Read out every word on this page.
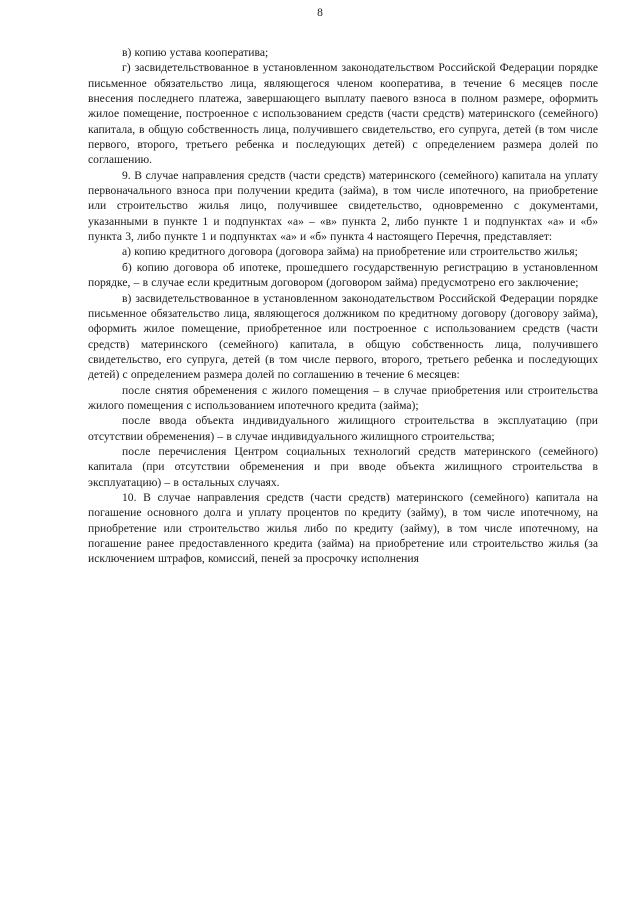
8

в) копию устава кооператива;

г) засвидетельствованное в установленном законодательством Российской Федерации порядке письменное обязательство лица, являющегося членом кооператива, в течение 6 месяцев после внесения последнего платежа, завершающего выплату паевого взноса в полном размере, оформить жилое помещение, построенное с использованием средств (части средств) материнского (семейного) капитала, в общую собственность лица, получившего свидетельство, его супруга, детей (в том числе первого, второго, третьего ребенка и последующих детей) с определением размера долей по соглашению.

9. В случае направления средств (части средств) материнского (семейного) капитала на уплату первоначального взноса при получении кредита (займа), в том числе ипотечного, на приобретение или строительство жилья лицо, получившее свидетельство, одновременно с документами, указанными в пункте 1 и подпунктах «а» – «в» пункта 2, либо пункте 1 и подпунктах «а» и «б» пункта 3, либо пункте 1 и подпунктах «а» и «б» пункта 4 настоящего Перечня, представляет:

а) копию кредитного договора (договора займа) на приобретение или строительство жилья;

б) копию договора об ипотеке, прошедшего государственную регистрацию в установленном порядке, – в случае если кредитным договором (договором займа) предусмотрено его заключение;

в) засвидетельствованное в установленном законодательством Российской Федерации порядке письменное обязательство лица, являющегося должником по кредитному договору (договору займа), оформить жилое помещение, приобретенное или построенное с использованием средств (части средств) материнского (семейного) капитала, в общую собственность лица, получившего свидетельство, его супруга, детей (в том числе первого, второго, третьего ребенка и последующих детей) с определением размера долей по соглашению в течение 6 месяцев:

после снятия обременения с жилого помещения – в случае приобретения или строительства жилого помещения с использованием ипотечного кредита (займа);

после ввода объекта индивидуального жилищного строительства в эксплуатацию (при отсутствии обременения) – в случае индивидуального жилищного строительства;

после перечисления Центром социальных технологий средств материнского (семейного) капитала (при отсутствии обременения и при вводе объекта жилищного строительства в эксплуатацию) – в остальных случаях.

10. В случае направления средств (части средств) материнского (семейного) капитала на погашение основного долга и уплату процентов по кредиту (займу), в том числе ипотечному, на приобретение или строительство жилья либо по кредиту (займу), в том числе ипотечному, на погашение ранее предоставленного кредита (займа) на приобретение или строительство жилья (за исключением штрафов, комиссий, пеней за просрочку исполнения
